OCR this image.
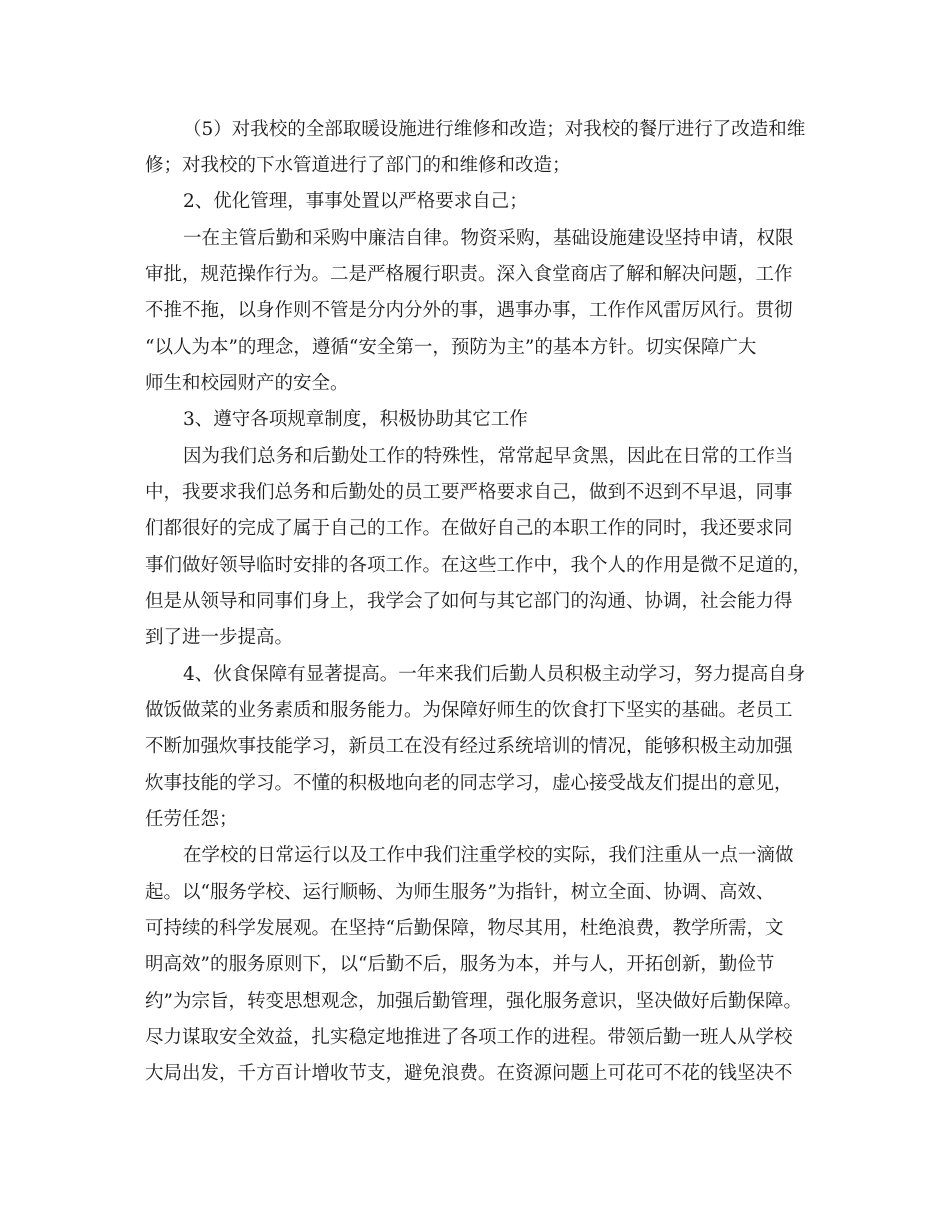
（5）对我校的全部取暖设施进行维修和改造；对我校的餐厅进行了改造和维
修；对我校的下水管道进行了部门的和维修和改造；
2、优化管理，事事处置以严格要求自己；
一在主管后勤和采购中廉洁自律。物资采购，基础设施建设坚持申请，权限
审批，规范操作行为。二是严格履行职责。深入食堂商店了解和解决问题，工作
不推不拖，以身作则不管是分内分外的事，遇事办事，工作作风雷厉风行。贯彻
“以人为本”的理念，遵循“安全第一，预防为主”的基本方针。切实保障广大
师生和校园财产的安全。
3、遵守各项规章制度，积极协助其它工作
因为我们总务和后勤处工作的特殊性，常常起早贪黑，因此在日常的工作当
中，我要求我们总务和后勤处的员工要严格要求自己，做到不迟到不早退，同事
们都很好的完成了属于自己的工作。在做好自己的本职工作的同时，我还要求同
事们做好领导临时安排的各项工作。在这些工作中，我个人的作用是微不足道的，
但是从领导和同事们身上，我学会了如何与其它部门的沟通、协调，社会能力得
到了进一步提高。
4、伙食保障有显著提高。一年来我们后勤人员积极主动学习，努力提高自身
做饭做菜的业务素质和服务能力。为保障好师生的饮食打下坚实的基础。老员工
不断加强炊事技能学习，新员工在没有经过系统培训的情况，能够积极主动加强
炊事技能的学习。不懂的积极地向老的同志学习，虚心接受战友们提出的意见，
任劳任怨；
在学校的日常运行以及工作中我们注重学校的实际，我们注重从一点一滴做
起。以“服务学校、运行顺畅、为师生服务”为指针，树立全面、协调、高效、
可持续的科学发展观。在坚持“后勤保障，物尽其用，杜绝浪费，教学所需，文
明高效”的服务原则下，以“后勤不后，服务为本，并与人，开拓创新，勤俭节
约”为宗旨，转变思想观念，加强后勤管理，强化服务意识，坚决做好后勤保障。
尽力谋取安全效益，扎实稳定地推进了各项工作的进程。带领后勤一班人从学校
大局出发，千方百计增收节支，避免浪费。在资源问题上可花可不花的钱坚决不
